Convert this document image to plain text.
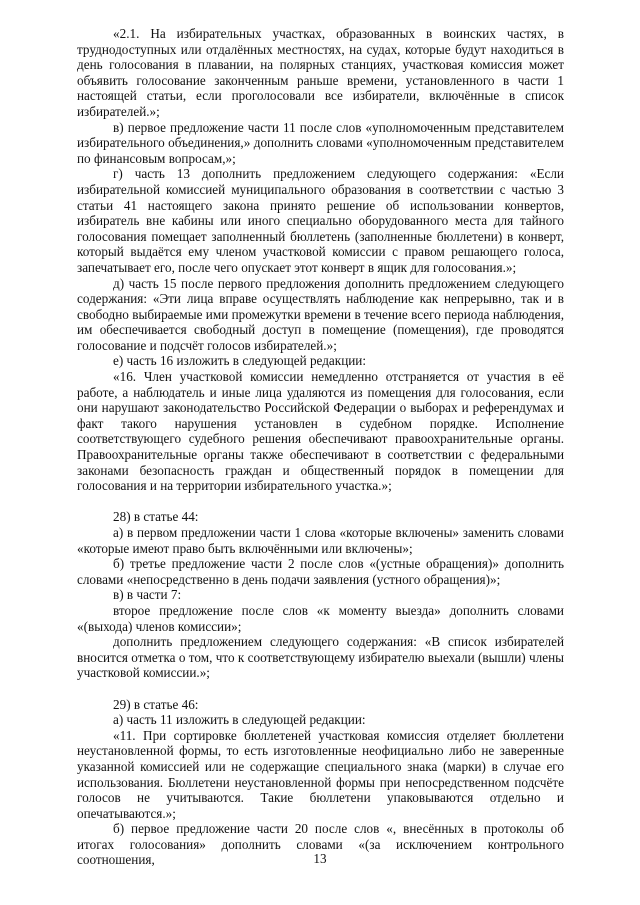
«2.1. На избирательных участках, образованных в воинских частях, в труднодоступных или отдалённых местностях, на судах, которые будут находиться в день голосования в плавании, на полярных станциях, участковая комиссия может объявить голосование законченным раньше времени, установленного в части 1 настоящей статьи, если проголосовали все избиратели, включённые в список избирателей.»;

в) первое предложение части 11 после слов «уполномоченным представителем избирательного объединения,» дополнить словами «уполномоченным представителем по финансовым вопросам,»;

г) часть 13 дополнить предложением следующего содержания: «Если избирательной комиссией муниципального образования в соответствии с частью 3 статьи 41 настоящего закона принято решение об использовании конвертов, избиратель вне кабины или иного специально оборудованного места для тайного голосования помещает заполненный бюллетень (заполненные бюллетени) в конверт, который выдаётся ему членом участковой комиссии с правом решающего голоса, запечатывает его, после чего опускает этот конверт в ящик для голосования.»;

д) часть 15 после первого предложения дополнить предложением следующего содержания: «Эти лица вправе осуществлять наблюдение как непрерывно, так и в свободно выбираемые ими промежутки времени в течение всего периода наблюдения, им обеспечивается свободный доступ в помещение (помещения), где проводятся голосование и подсчёт голосов избирателей.»;

е) часть 16 изложить в следующей редакции:

«16. Член участковой комиссии немедленно отстраняется от участия в её работе, а наблюдатель и иные лица удаляются из помещения для голосования, если они нарушают законодательство Российской Федерации о выборах и референдумах и факт такого нарушения установлен в судебном порядке. Исполнение соответствующего судебного решения обеспечивают правоохранительные органы. Правоохранительные органы также обеспечивают в соответствии с федеральными законами безопасность граждан и общественный порядок в помещении для голосования и на территории избирательного участка.»;

28) в статье 44:

а) в первом предложении части 1 слова «которые включены» заменить словами «которые имеют право быть включёнными или включены»;

б) третье предложение части 2 после слов «(устные обращения)» дополнить словами «непосредственно в день подачи заявления (устного обращения)»;

в) в части 7:

второе предложение после слов «к моменту выезда» дополнить словами «(выхода) членов комиссии»;

дополнить предложением следующего содержания: «В список избирателей вносится отметка о том, что к соответствующему избирателю выехали (вышли) члены участковой комиссии.»;

29) в статье 46:

а) часть 11 изложить в следующей редакции:

«11. При сортировке бюллетеней участковая комиссия отделяет бюллетени неустановленной формы, то есть изготовленные неофициально либо не заверенные указанной комиссией или не содержащие специального знака (марки) в случае его использования. Бюллетени неустановленной формы при непосредственном подсчёте голосов не учитываются. Такие бюллетени упаковываются отдельно и опечатываются.»;

б) первое предложение части 20 после слов «, внесённых в протоколы об итогах голосования» дополнить словами «(за исключением контрольного соотношения,	13
